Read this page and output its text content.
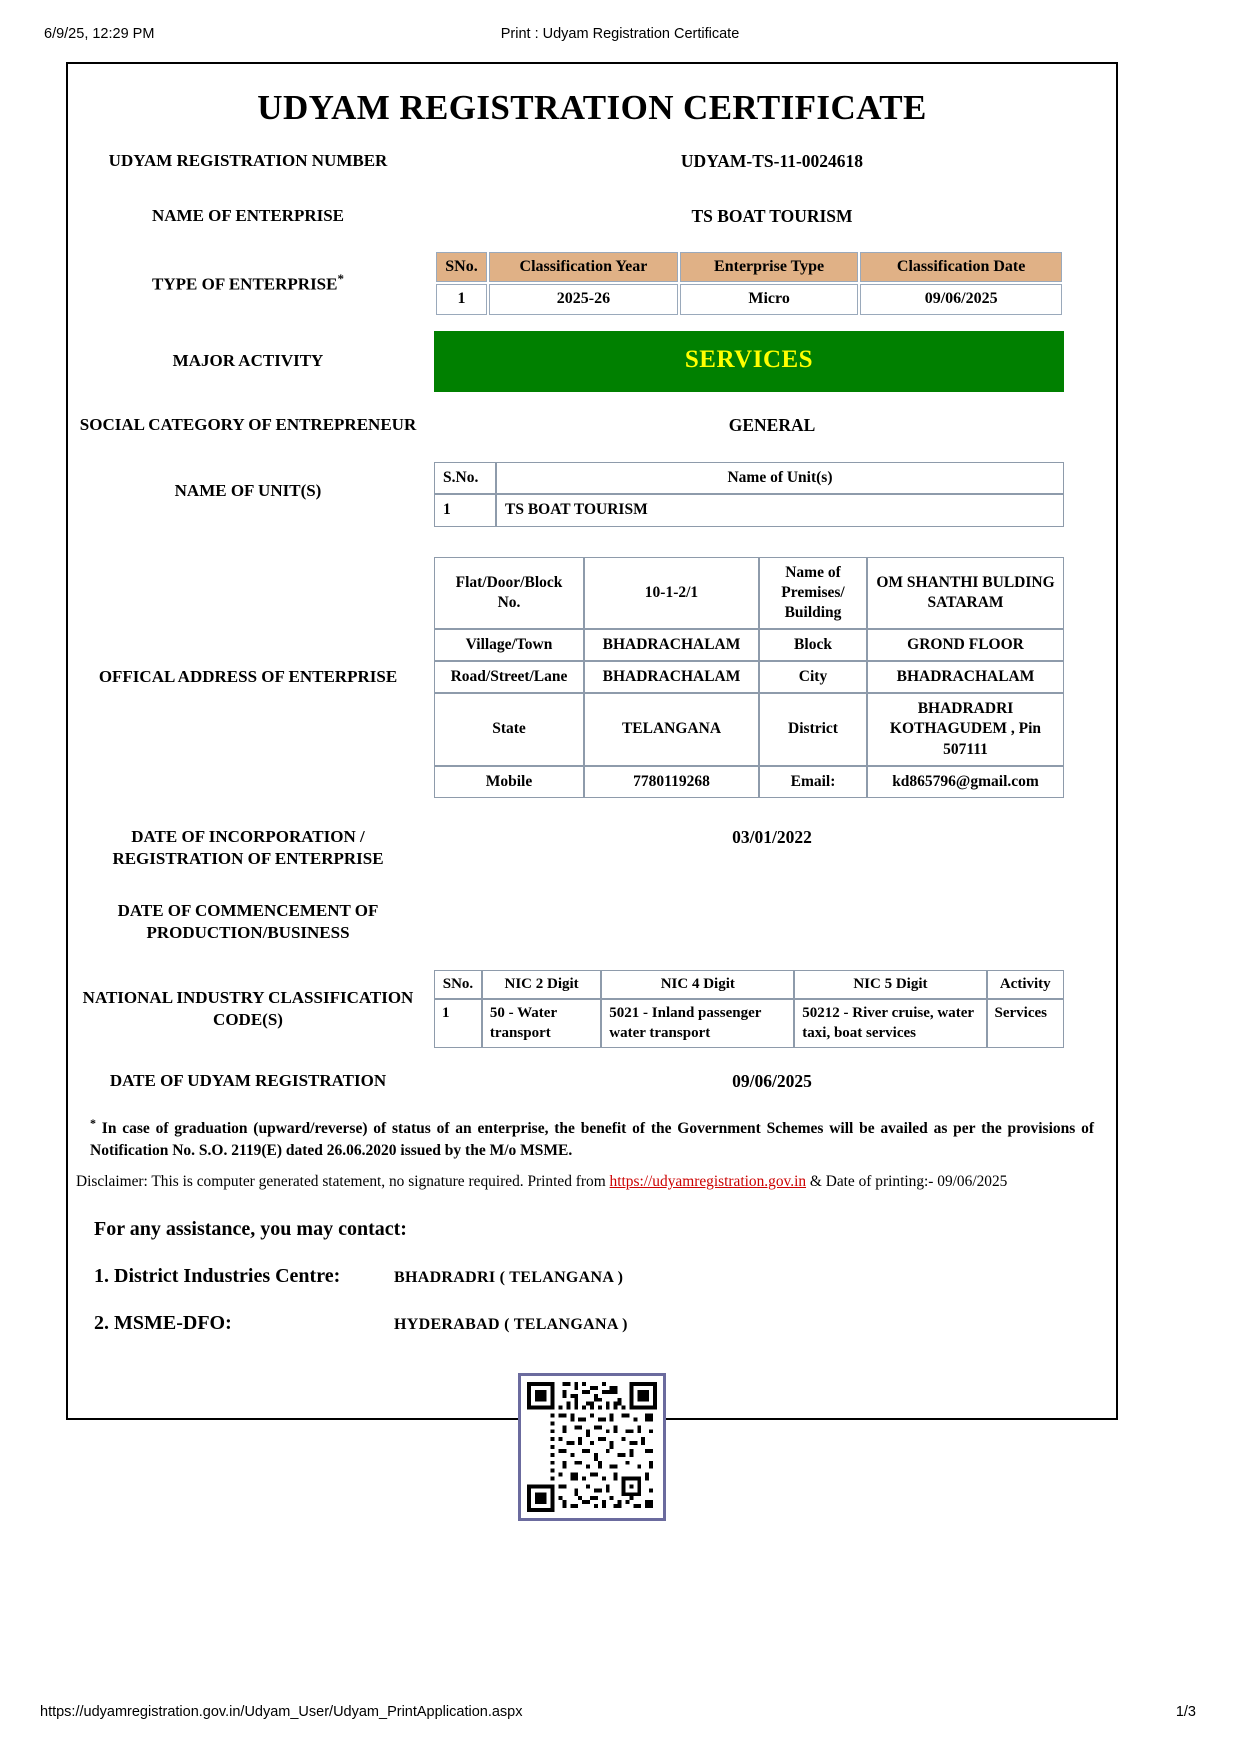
6/9/25, 12:29 PM	Print : Udyam Registration Certificate
UDYAM REGISTRATION CERTIFICATE
UDYAM REGISTRATION NUMBER	UDYAM-TS-11-0024618
NAME OF ENTERPRISE	TS BOAT TOURISM
TYPE OF ENTERPRISE*
SNo.	Classification Year	Enterprise Type	Classification Date
1	2025-26	Micro	09/06/2025
MAJOR ACTIVITY	SERVICES
SOCIAL CATEGORY OF ENTREPRENEUR	GENERAL
NAME OF UNIT(S)
S.No.	Name of Unit(s)
1	TS BOAT TOURISM
OFFICAL ADDRESS OF ENTERPRISE
Flat/Door/Block No.	10-1-2/1	Name of Premises/ Building	OM SHANTHI BULDING SATARAM
Village/Town	BHADRACHALAM	Block	GROND FLOOR
Road/Street/Lane	BHADRACHALAM	City	BHADRACHALAM
State	TELANGANA	District	BHADRADRI KOTHAGUDEM , Pin 507111
Mobile	7780119268	Email:	kd865796@gmail.com
DATE OF INCORPORATION / REGISTRATION OF ENTERPRISE
03/01/2022
DATE OF COMMENCEMENT OF PRODUCTION/BUSINESS
NATIONAL INDUSTRY CLASSIFICATION CODE(S)
SNo.	NIC 2 Digit	NIC 4 Digit	NIC 5 Digit	Activity
1	50 - Water transport	5021 - Inland passenger water transport	50212 - River cruise, water taxi, boat services	Services
DATE OF UDYAM REGISTRATION	09/06/2025
* In case of graduation (upward/reverse) of status of an enterprise, the benefit of the Government Schemes will be availed as per the provisions of Notification No. S.O. 2119(E) dated 26.06.2020 issued by the M/o MSME.
Disclaimer: This is computer generated statement, no signature required. Printed from https://udyamregistration.gov.in & Date of printing:- 09/06/2025
For any assistance, you may contact:
1. District Industries Centre:	BHADRADRI ( TELANGANA )
2. MSME-DFO:	HYDERABAD ( TELANGANA )
https://udyamregistration.gov.in/Udyam_User/Udyam_PrintApplication.aspx	1/3
